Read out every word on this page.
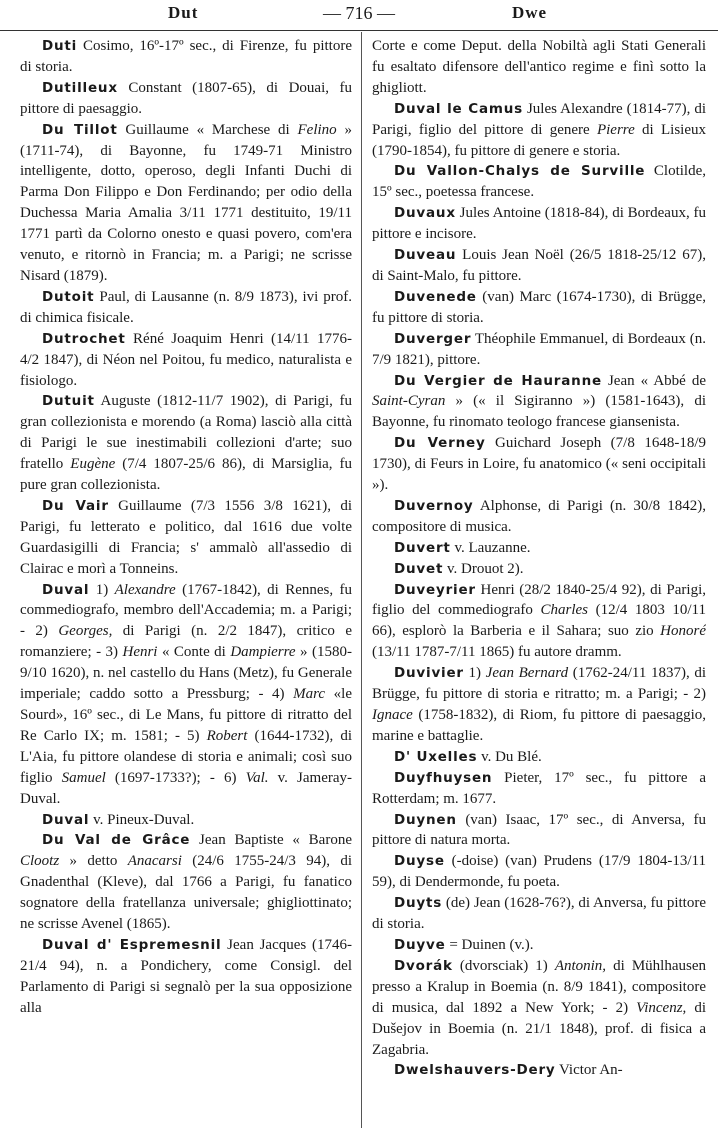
Dut	— 716 —	Dwe

Duti Cosimo, 16º-17º sec., di Firenze, fu pittore di storia.

Dutilleux Constant (1807-65), di Douai, fu pittore di paesaggio.

Du Tillot Guillaume « Marchese di Felino » (1711-74), di Bayonne, fu 1749-71 Ministro intelligente, dotto, operoso, degli Infanti Duchi di Parma Don Filippo e Don Ferdinando; per odio della Duchessa Maria Amalia 3/11 1771 destituito, 19/11 1771 partì da Colorno onesto e quasi povero, com'era venuto, e ritornò in Francia; m. a Parigi; ne scrisse Nisard (1879).

Dutoit Paul, di Lausanne (n. 8/9 1873), ivi prof. di chimica fisicale.

Dutrochet Réné Joaquim Henri (14/11 1776-4/2 1847), di Néon nel Poitou, fu medico, naturalista e fisiologo.

Dutuit Auguste (1812-11/7 1902), di Parigi, fu gran collezionista e morendo (a Roma) lasciò alla città di Parigi le sue inestimabili collezioni d'arte; suo fratello Eugène (7/4 1807-25/6 86), di Marsiglia, fu pure gran collezionista.

Du Vair Guillaume (7/3 1556 3/8 1621), di Parigi, fu letterato e politico, dal 1616 due volte Guardasigilli di Francia; s' ammalò all'assedio di Clairac e morì a Tonneins.

Duval 1) Alexandre (1767-1842), di Rennes, fu commediografo, membro dell'Accademia; m. a Parigi; - 2) Georges, di Parigi (n. 2/2 1847), critico e romanziere; - 3) Henri « Conte di Dampierre » (1580-9/10 1620), n. nel castello du Hans (Metz), fu Generale imperiale; caddo sotto a Pressburg; - 4) Marc «le Sourd», 16º sec., di Le Mans, fu pittore di ritratto del Re Carlo IX; m. 1581; - 5) Robert (1644-1732), di L'Aia, fu pittore olandese di storia e animali; così suo figlio Samuel (1697-1733?); - 6) Val. v. Jameray-Duval.

Duval v. Pineux-Duval.

Du Val de Grâce Jean Baptiste « Barone Clootz » detto Anacarsi (24/6 1755-24/3 94), di Gnadenthal (Kleve), dal 1766 a Parigi, fu fanatico sognatore della fratellanza universale; ghigliottinato; ne scrisse Avenel (1865).

Duval d' Espremesnil Jean Jacques (1746-21/4 94), n. a Pondichery, come Consigl. del Parlamento di Parigi si segnalò per la sua opposizione alla

Corte e come Deput. della Nobiltà agli Stati Generali fu esaltato difensore dell'antico regime e finì sotto la ghigliott.

Duval le Camus Jules Alexandre (1814-77), di Parigi, figlio del pittore di genere Pierre di Lisieux (1790-1854), fu pittore di genere e storia.

Du Vallon-Chalys de Surville Clotilde, 15º sec., poetessa francese.

Duvaux Jules Antoine (1818-84), di Bordeaux, fu pittore e incisore.

Duveau Louis Jean Noël (26/5 1818-25/12 67), di Saint-Malo, fu pittore.

Duvenede (van) Marc (1674-1730), di Brügge, fu pittore di storia.

Duverger Théophile Emmanuel, di Bordeaux (n. 7/9 1821), pittore.

Du Vergier de Hauranne Jean « Abbé de Saint-Cyran » (« il Sigiranno ») (1581-1643), di Bayonne, fu rinomato teologo francese giansenista.

Du Verney Guichard Joseph (7/8 1648-18/9 1730), di Feurs in Loire, fu anatomico (« seni occipitali »).

Duvernoy Alphonse, di Parigi (n. 30/8 1842), compositore di musica.

Duvert v. Lauzanne.

Duvet v. Drouot 2).

Duveyrier Henri (28/2 1840-25/4 92), di Parigi, figlio del commediografo Charles (12/4 1803 10/11 66), esplorò la Barberia e il Sahara; suo zio Honoré (13/11 1787-7/11 1865) fu autore dramm.

Duvivier 1) Jean Bernard (1762-24/11 1837), di Brügge, fu pittore di storia e ritratto; m. a Parigi; - 2) Ignace (1758-1832), di Riom, fu pittore di paesaggio, marine e battaglie.

D' Uxelles v. Du Blé.

Duyfhuysen Pieter, 17º sec., fu pittore a Rotterdam; m. 1677.

Duynen (van) Isaac, 17º sec., di Anversa, fu pittore di natura morta.

Duyse (-doise) (van) Prudens (17/9 1804-13/11 59), di Dendermonde, fu poeta.

Duyts (de) Jean (1628-76?), di Anversa, fu pittore di storia.

Duyve = Duinen (v.).

Dvorák (dvorsciak) 1) Antonin, di Mühlhausen presso a Kralup in Boemia (n. 8/9 1841), compositore di musica, dal 1892 a New York; - 2) Vincenz, di Dušejov in Boemia (n. 21/1 1848), prof. di fisica a Zagabria.

Dwelshauvers-Dery Victor An-
